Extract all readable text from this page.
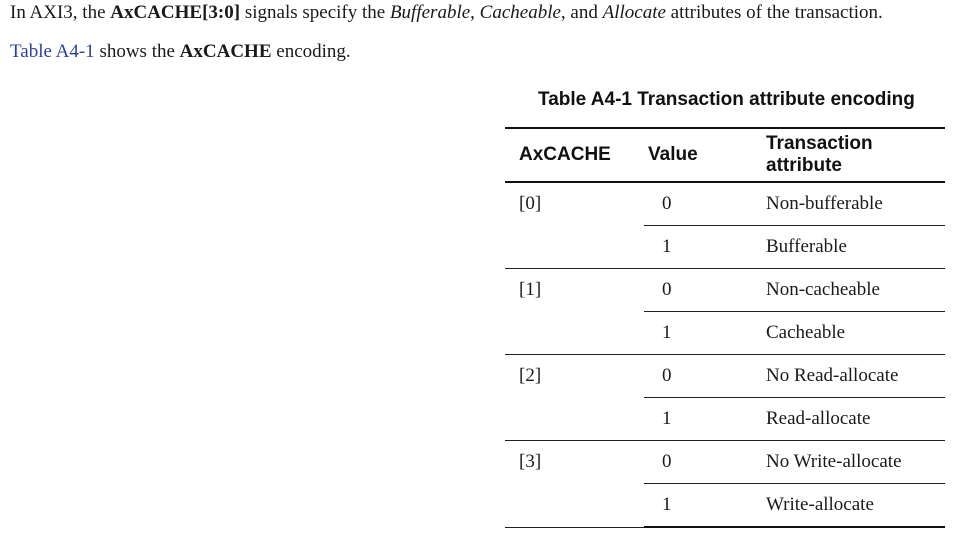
In AXI3, the AxCACHE[3:0] signals specify the Bufferable, Cacheable, and Allocate attributes of the transaction.
Table A4-1 shows the AxCACHE encoding.
Table A4-1 Transaction attribute encoding
AxCACHE	Value	Transaction attribute
[0]	0	Non-bufferable
	1	Bufferable
[1]	0	Non-cacheable
	1	Cacheable
[2]	0	No Read-allocate
	1	Read-allocate
[3]	0	No Write-allocate
	1	Write-allocate
